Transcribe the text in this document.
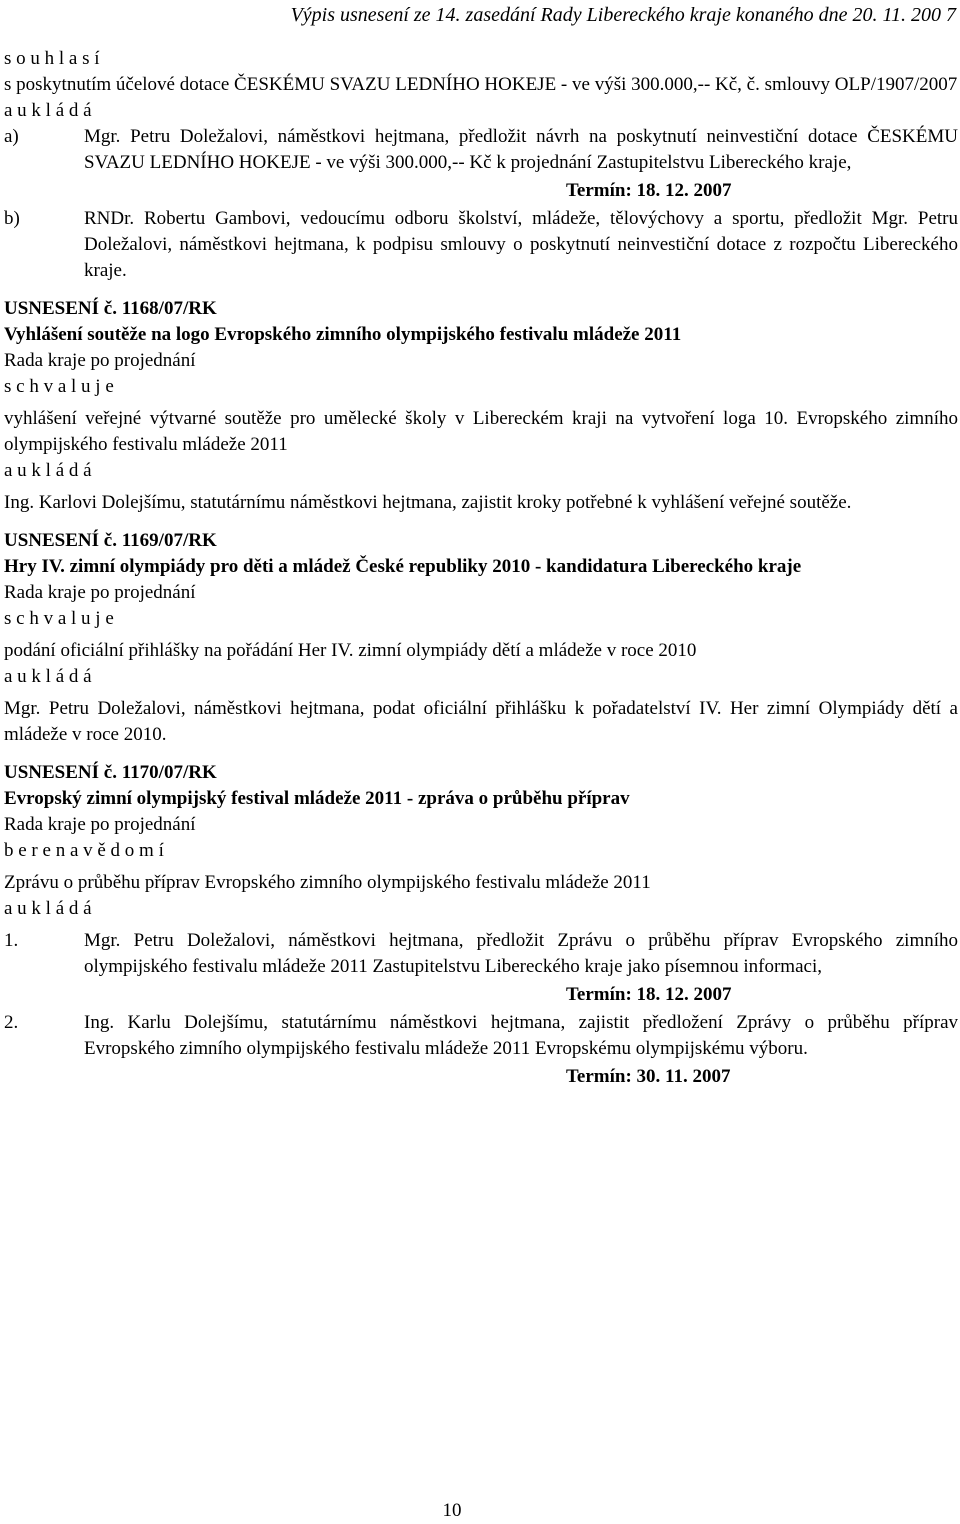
Výpis usnesení ze 14. zasedání Rady Libereckého kraje konaného dne 20. 11. 200 7
s o u h l a s í
s poskytnutím účelové dotace ČESKÉMU SVAZU LEDNÍHO HOKEJE - ve výši 300.000,-- Kč, č. smlouvy OLP/1907/2007
a u k l á d á
a)	Mgr. Petru Doležalovi, náměstkovi hejtmana, předložit návrh na poskytnutí neinvestiční dotace ČESKÉMU SVAZU LEDNÍHO HOKEJE - ve výši 300.000,-- Kč k projednání Zastupitelstvu Libereckého kraje,
Termín: 18. 12. 2007
b)	RNDr. Robertu Gambovi, vedoucímu odboru školství, mládeže, tělovýchovy a sportu, předložit Mgr. Petru Doležalovi, náměstkovi hejtmana, k podpisu smlouvy o poskytnutí neinvestiční dotace z rozpočtu Libereckého kraje.
USNESENÍ č. 1168/07/RK
Vyhlášení soutěže na logo Evropského zimního olympijského festivalu mládeže 2011
Rada kraje po projednání
s c h v a l u j e
vyhlášení veřejné výtvarné soutěže pro umělecké školy v Libereckém kraji na vytvoření loga 10. Evropského zimního olympijského festivalu mládeže 2011
a u k l á d á
Ing. Karlovi Dolejšímu, statutárnímu náměstkovi hejtmana, zajistit kroky potřebné k vyhlášení veřejné soutěže.
USNESENÍ č. 1169/07/RK
Hry IV. zimní olympiády pro děti a mládež České republiky 2010 - kandidatura Libereckého kraje
Rada kraje po projednání
s c h v a l u j e
podání oficiální přihlášky na pořádání Her IV. zimní olympiády dětí a mládeže v roce 2010
a u k l á d á
Mgr. Petru Doležalovi, náměstkovi hejtmana, podat oficiální přihlášku k pořadatelství IV. Her zimní Olympiády dětí a mládeže v roce 2010.
USNESENÍ č. 1170/07/RK
Evropský zimní olympijský festival mládeže 2011 - zpráva o průběhu příprav
Rada kraje po projednání
b e r e n a v ě d o m í
Zprávu o průběhu příprav Evropského zimního olympijského festivalu mládeže 2011
a u k l á d á
1.	Mgr. Petru Doležalovi, náměstkovi hejtmana, předložit Zprávu o průběhu příprav Evropského zimního olympijského festivalu mládeže 2011 Zastupitelstvu Libereckého kraje jako písemnou informaci,
Termín: 18. 12. 2007
2.	Ing. Karlu Dolejšímu, statutárnímu náměstkovi hejtmana, zajistit předložení Zprávy o průběhu příprav Evropského zimního olympijského festivalu mládeže 2011 Evropskému olympijskému výboru.
Termín: 30. 11. 2007
10
